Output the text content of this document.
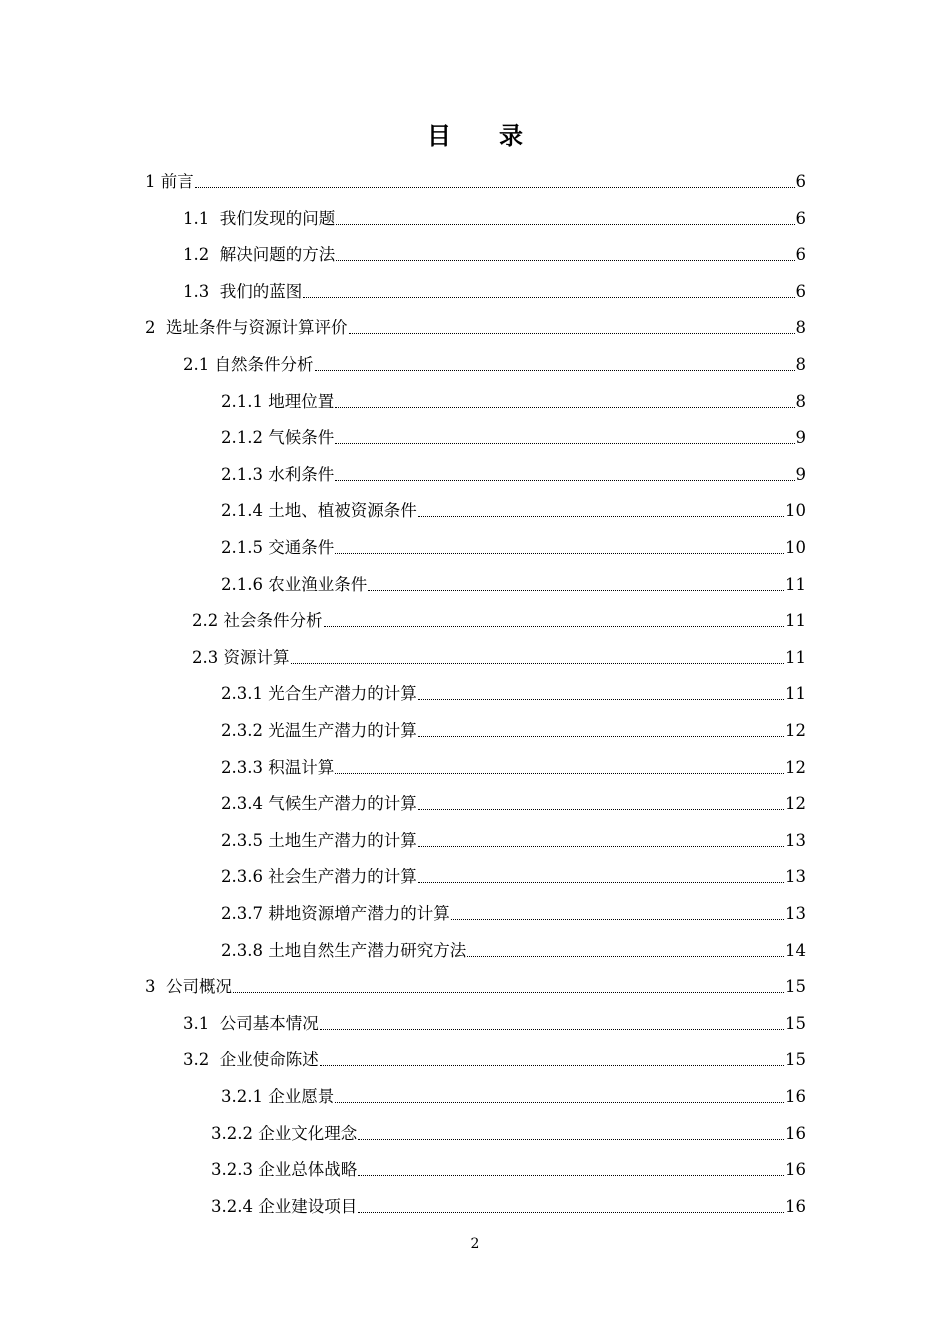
目 录
1 前言	6
1.1  我们发现的问题	6
1.2  解决问题的方法	6
1.3  我们的蓝图	6
2  选址条件与资源计算评价	8
2.1 自然条件分析	8
2.1.1 地理位置	8
2.1.2 气候条件	9
2.1.3 水利条件	9
2.1.4 土地、植被资源条件	10
2.1.5 交通条件	10
2.1.6 农业渔业条件	11
2.2 社会条件分析	11
2.3 资源计算	11
2.3.1 光合生产潜力的计算	11
2.3.2 光温生产潜力的计算	12
2.3.3 积温计算	12
2.3.4 气候生产潜力的计算	12
2.3.5 土地生产潜力的计算	13
2.3.6 社会生产潜力的计算	13
2.3.7 耕地资源增产潜力的计算	13
2.3.8 土地自然生产潜力研究方法	14
3  公司概况	15
3.1  公司基本情况	15
3.2  企业使命陈述	15
3.2.1 企业愿景	16
3.2.2 企业文化理念	16
3.2.3 企业总体战略	16
3.2.4 企业建设项目	16
2
